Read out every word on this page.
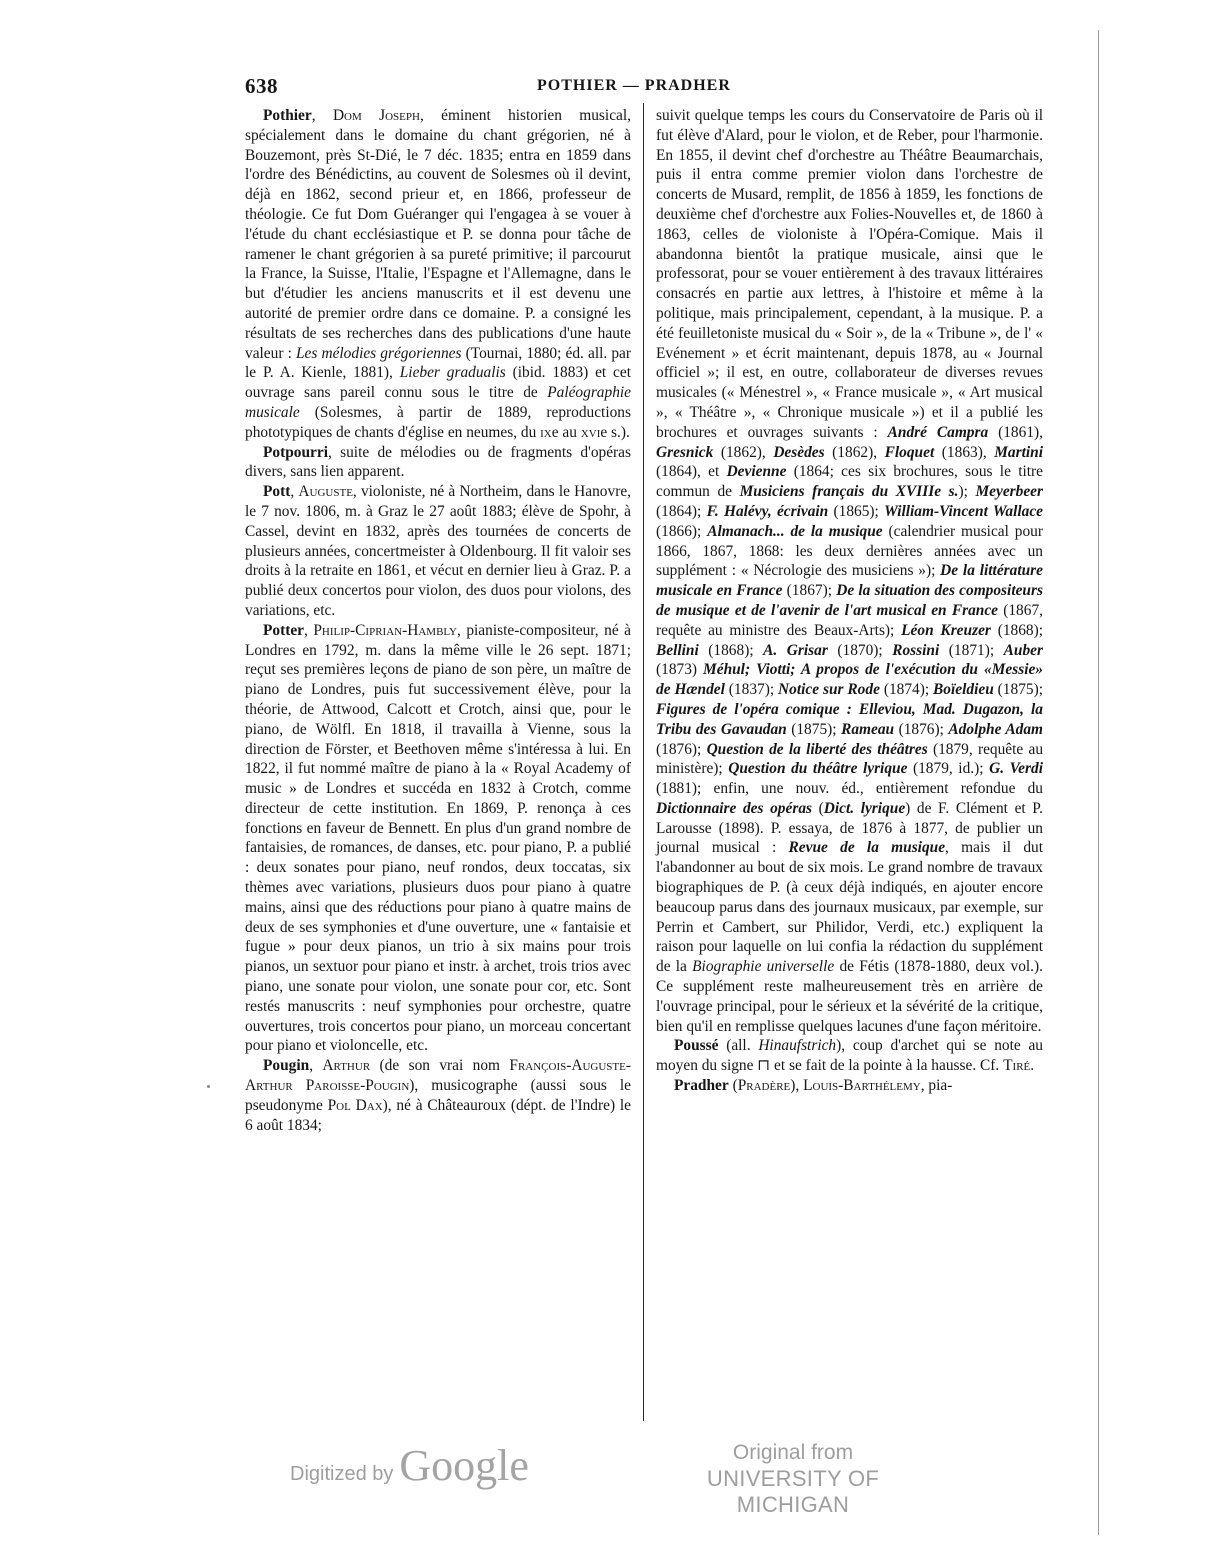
638	POTHIER — PRADHER

Pothier, Dom Joseph, éminent historien musical, spécialement dans le domaine du chant grégorien, né à Bouzemont, près St-Dié, le 7 déc. 1835; entra en 1859 dans l'ordre des Bénédictins, au couvent de Solesmes où il devint, déjà en 1862, second prieur et, en 1866, professeur de théologie. Ce fut Dom Guéranger qui l'engagea à se vouer à l'étude du chant ecclésiastique et P. se donna pour tâche de ramener le chant grégorien à sa pureté primitive; il parcourut la France, la Suisse, l'Italie, l'Espagne et l'Allemagne, dans le but d'étudier les anciens manuscrits et il est devenu une autorité de premier ordre dans ce domaine. P. a consigné les résultats de ses recherches dans des publications d'une haute valeur : Les mélodies grégoriennes (Tournai, 1880; éd. all. par le P. A. Kienle, 1881), Lieber gradualis (ibid. 1883) et cet ouvrage sans pareil connu sous le titre de Paléographie musicale (Solesmes, à partir de 1889, reproductions phototypiques de chants d'église en neumes, du ixe au xvie s.).

Potpourri, suite de mélodies ou de fragments d'opéras divers, sans lien apparent.

Pott, Auguste, violoniste, né à Northeim, dans le Hanovre, le 7 nov. 1806, m. à Graz le 27 août 1883; élève de Spohr, à Cassel, devint en 1832, après des tournées de concerts de plusieurs années, concertmeister à Oldenbourg. Il fit valoir ses droits à la retraite en 1861, et vécut en dernier lieu à Graz. P. a publié deux concertos pour violon, des duos pour violons, des variations, etc.

Potter, Philip-Ciprian-Hambly, pianiste-compositeur, né à Londres en 1792, m. dans la même ville le 26 sept. 1871; reçut ses premières leçons de piano de son père, un maître de piano de Londres, puis fut successivement élève, pour la théorie, de Attwood, Calcott et Crotch, ainsi que, pour le piano, de Wölfl. En 1818, il travailla à Vienne, sous la direction de Förster, et Beethoven même s'intéressa à lui. En 1822, il fut nommé maître de piano à la « Royal Academy of music » de Londres et succéda en 1832 à Crotch, comme directeur de cette institution. En 1869, P. renonça à ces fonctions en faveur de Bennett. En plus d'un grand nombre de fantaisies, de romances, de danses, etc. pour piano, P. a publié : deux sonates pour piano, neuf rondos, deux toccatas, six thèmes avec variations, plusieurs duos pour piano à quatre mains, ainsi que des réductions pour piano à quatre mains de deux de ses symphonies et d'une ouverture, une « fantaisie et fugue » pour deux pianos, un trio à six mains pour trois pianos, un sextuor pour piano et instr. à archet, trois trios avec piano, une sonate pour violon, une sonate pour cor, etc. Sont restés manuscrits : neuf symphonies pour orchestre, quatre ouvertures, trois concertos pour piano, un morceau concertant pour piano et violoncelle, etc.

Pougin, Arthur (de son vrai nom François-Auguste-Arthur Paroisse-Pougin), musicographe (aussi sous le pseudonyme Pol Dax), né à Châteauroux (dépt. de l'Indre) le 6 août 1834;

suivit quelque temps les cours du Conservatoire de Paris où il fut élève d'Alard, pour le violon, et de Reber, pour l'harmonie. En 1855, il devint chef d'orchestre au Théâtre Beaumarchais, puis il entra comme premier violon dans l'orchestre de concerts de Musard, remplit, de 1856 à 1859, les fonctions de deuxième chef d'orchestre aux Folies-Nouvelles et, de 1860 à 1863, celles de violoniste à l'Opéra-Comique. Mais il abandonna bientôt la pratique musicale, ainsi que le professorat, pour se vouer entièrement à des travaux littéraires consacrés en partie aux lettres, à l'histoire et même à la politique, mais principalement, cependant, à la musique. P. a été feuilletoniste musical du « Soir », de la « Tribune », de l' « Evénement » et écrit maintenant, depuis 1878, au « Journal officiel »; il est, en outre, collaborateur de diverses revues musicales (« Ménestrel », « France musicale », « Art musical », « Théâtre », « Chronique musicale ») et il a publié les brochures et ouvrages suivants : André Campra (1861), Gresnick (1862), Desèdes (1862), Floquet (1863), Martini (1864), et Devienne (1864; ces six brochures, sous le titre commun de Musiciens français du XVIIIe s.); Meyerbeer (1864); F. Halévy, écrivain (1865); William-Vincent Wallace (1866); Almanach... de la musique (calendrier musical pour 1866, 1867, 1868: les deux dernières années avec un supplément : « Nécrologie des musiciens »); De la littérature musicale en France (1867); De la situation des compositeurs de musique et de l'avenir de l'art musical en France (1867, requête au ministre des Beaux-Arts); Léon Kreuzer (1868); Bellini (1868); A. Grisar (1870); Rossini (1871); Auber (1873) Méhul; Viotti; A propos de l'exécution du «Messie» de Hændel (1837); Notice sur Rode (1874); Boïeldieu (1875); Figures de l'opéra comique : Elleviou, Mad. Dugazon, la Tribu des Gavaudan (1875); Rameau (1876); Adolphe Adam (1876); Question de la liberté des théâtres (1879, requête au ministère); Question du théâtre lyrique (1879, id.); G. Verdi (1881); enfin, une nouv. éd., entièrement refondue du Dictionnaire des opéras (Dict. lyrique) de F. Clément et P. Larousse (1898). P. essaya, de 1876 à 1877, de publier un journal musical : Revue de la musique, mais il dut l'abandonner au bout de six mois. Le grand nombre de travaux biographiques de P. (à ceux déjà indiqués, en ajouter encore beaucoup parus dans des journaux musicaux, par exemple, sur Perrin et Cambert, sur Philidor, Verdi, etc.) expliquent la raison pour laquelle on lui confia la rédaction du supplément de la Biographie universelle de Fétis (1878-1880, deux vol.). Ce supplément reste malheureusement très en arrière de l'ouvrage principal, pour le sérieux et la sévérité de la critique, bien qu'il en remplisse quelques lacunes d'une façon méritoire.

Poussé (all. Hinaufstrich), coup d'archet qui se note au moyen du signe ⊓ et se fait de la pointe à la hausse. Cf. Tiré.

Pradher (Pradère), Louis-Barthélemy, pia-

Digitized by Google	Original from
UNIVERSITY OF MICHIGAN
